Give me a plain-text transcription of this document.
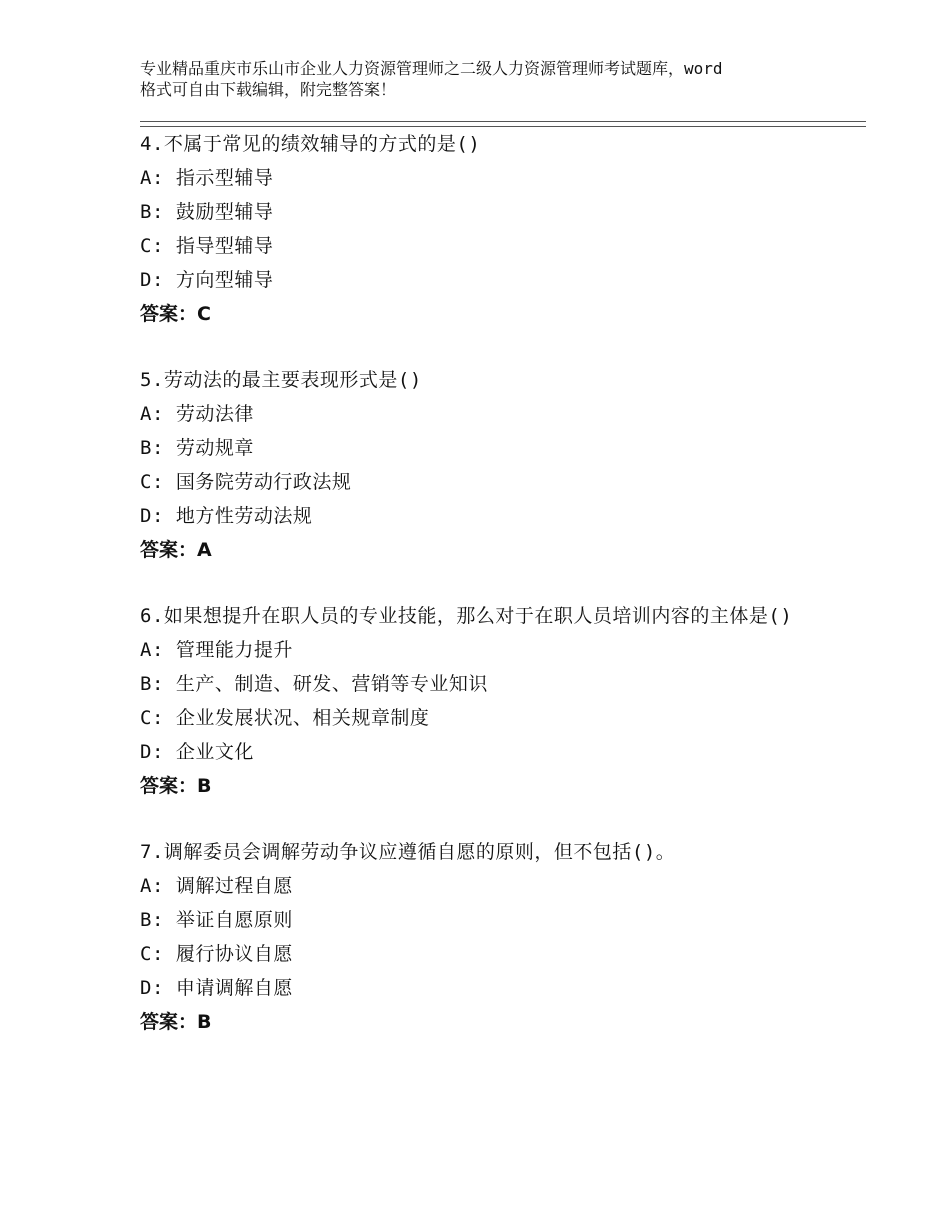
专业精品重庆市乐山市企业人力资源管理师之二级人力资源管理师考试题库，word
格式可自由下载编辑，附完整答案！
4.不属于常见的绩效辅导的方式的是()
A: 指示型辅导
B: 鼓励型辅导
C: 指导型辅导
D: 方向型辅导
答案：C
5.劳动法的最主要表现形式是()
A: 劳动法律
B: 劳动规章
C: 国务院劳动行政法规
D: 地方性劳动法规
答案：A
6.如果想提升在职人员的专业技能，那么对于在职人员培训内容的主体是()
A: 管理能力提升
B: 生产、制造、研发、营销等专业知识
C: 企业发展状况、相关规章制度
D: 企业文化
答案：B
7.调解委员会调解劳动争议应遵循自愿的原则，但不包括()。
A: 调解过程自愿
B: 举证自愿原则
C: 履行协议自愿
D: 申请调解自愿
答案：B
